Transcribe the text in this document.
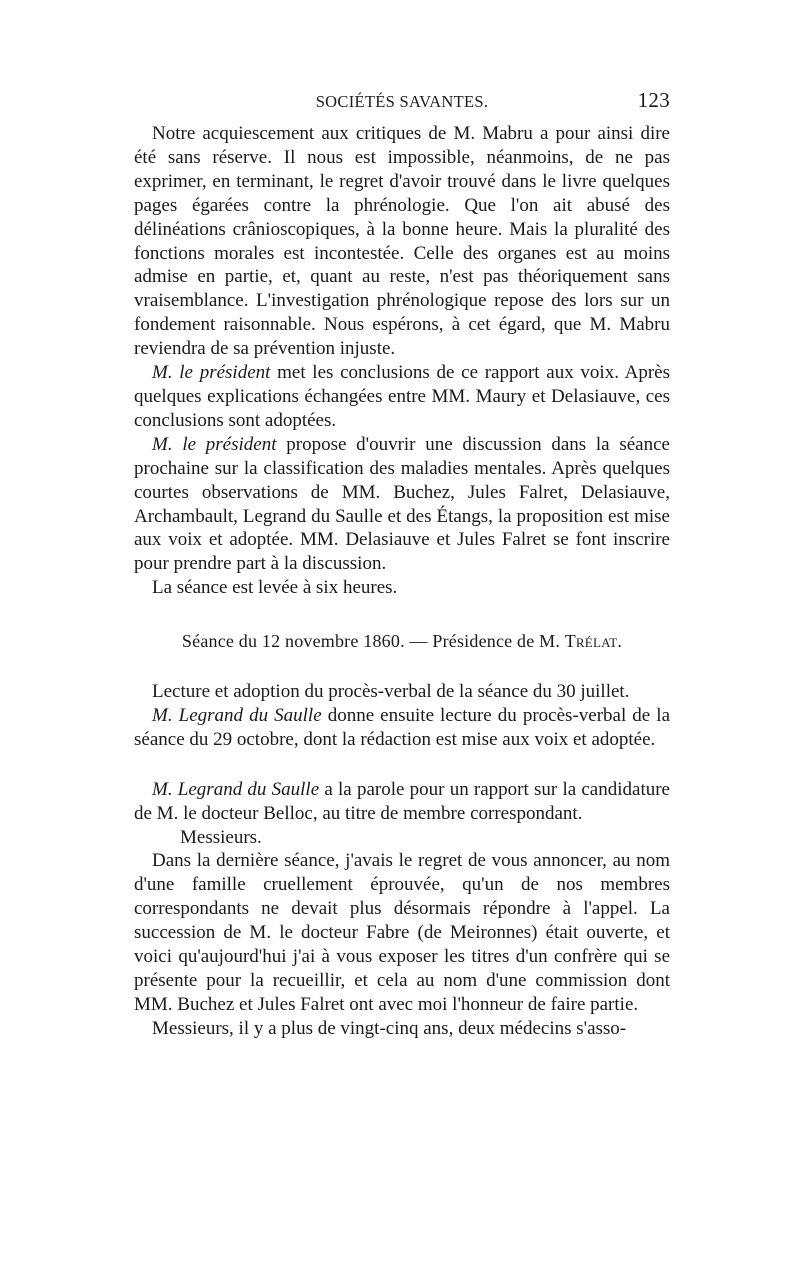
SOCIÉTÉS SAVANTES.	123

Notre acquiescement aux critiques de M. Mabru a pour ainsi dire été sans réserve. Il nous est impossible, néanmoins, de ne pas exprimer, en terminant, le regret d'avoir trouvé dans le livre quelques pages égarées contre la phrénologie. Que l'on ait abusé des délinéations crânioscopiques, à la bonne heure. Mais la pluralité des fonctions morales est incontestée. Celle des organes est au moins admise en partie, et, quant au reste, n'est pas théoriquement sans vraisemblance. L'investigation phrénologique repose des lors sur un fondement raisonnable. Nous espérons, à cet égard, que M. Mabru reviendra de sa prévention injuste.

M. le président met les conclusions de ce rapport aux voix. Après quelques explications échangées entre MM. Maury et Delasiauve, ces conclusions sont adoptées.

M. le président propose d'ouvrir une discussion dans la séance prochaine sur la classification des maladies mentales. Après quelques courtes observations de MM. Buchez, Jules Falret, Delasiauve, Archambault, Legrand du Saulle et des Étangs, la proposition est mise aux voix et adoptée. MM. Delasiauve et Jules Falret se font inscrire pour prendre part à la discussion.

La séance est levée à six heures.

Séance du 12 novembre 1860. — Présidence de M. Trélat.

Lecture et adoption du procès-verbal de la séance du 30 juillet.

M. Legrand du Saulle donne ensuite lecture du procès-verbal de la séance du 29 octobre, dont la rédaction est mise aux voix et adoptée.

M. Legrand du Saulle a la parole pour un rapport sur la candidature de M. le docteur Belloc, au titre de membre correspondant.

Messieurs.

Dans la dernière séance, j'avais le regret de vous annoncer, au nom d'une famille cruellement éprouvée, qu'un de nos membres correspondants ne devait plus désormais répondre à l'appel. La succession de M. le docteur Fabre (de Meironnes) était ouverte, et voici qu'aujourd'hui j'ai à vous exposer les titres d'un confrère qui se présente pour la recueillir, et cela au nom d'une commission dont MM. Buchez et Jules Falret ont avec moi l'honneur de faire partie.

Messieurs, il y a plus de vingt-cinq ans, deux médecins s'asso-
